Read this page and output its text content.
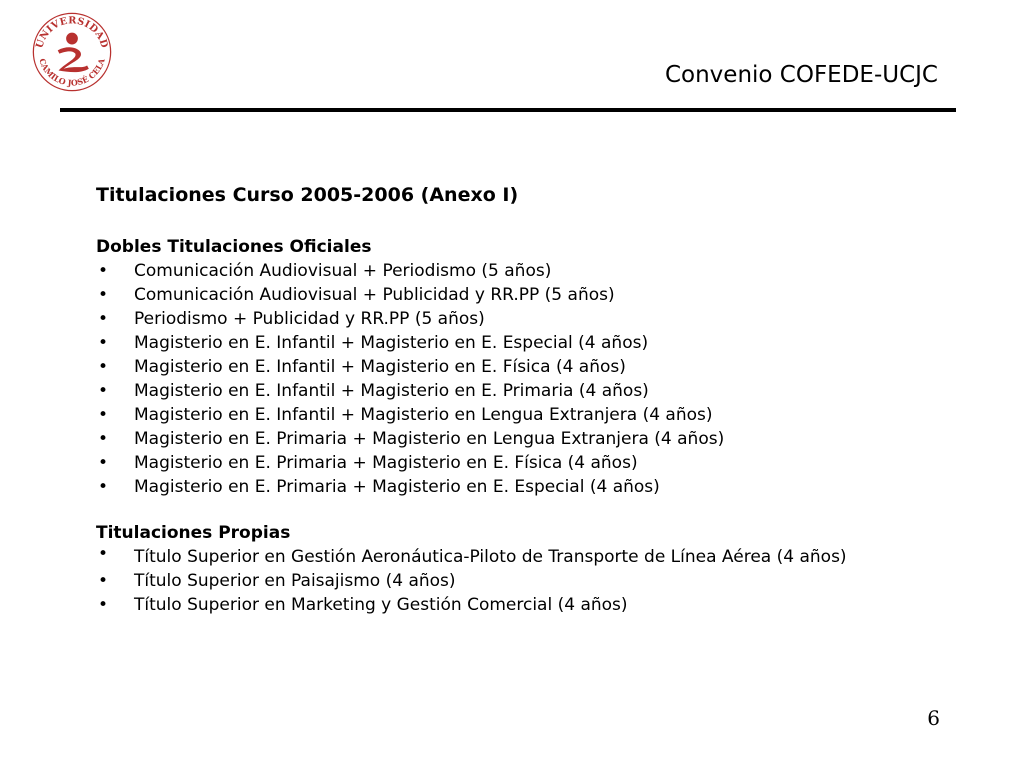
UNIVERSIDAD
CAMILO JOSÉ CELA
Convenio COFEDE-UCJC
Titulaciones Curso 2005-2006 (Anexo I)
Dobles Titulaciones Oficiales
• Comunicación Audiovisual + Periodismo (5 años)
• Comunicación Audiovisual + Publicidad y RR.PP (5 años)
• Periodismo + Publicidad y RR.PP (5 años)
• Magisterio en E. Infantil + Magisterio en E. Especial (4 años)
• Magisterio en E. Infantil + Magisterio en E. Física (4 años)
• Magisterio en E. Infantil + Magisterio en E. Primaria (4 años)
• Magisterio en E. Infantil + Magisterio en Lengua Extranjera (4 años)
• Magisterio en E. Primaria + Magisterio en Lengua Extranjera (4 años)
• Magisterio en E. Primaria + Magisterio en E. Física (4 años)
• Magisterio en E. Primaria + Magisterio en E. Especial (4 años)
Titulaciones Propias
• Título Superior en Gestión Aeronáutica-Piloto de Transporte de Línea Aérea (4 años)
• Título Superior en Paisajismo (4 años)
• Título Superior en Marketing y Gestión Comercial (4 años)
6
